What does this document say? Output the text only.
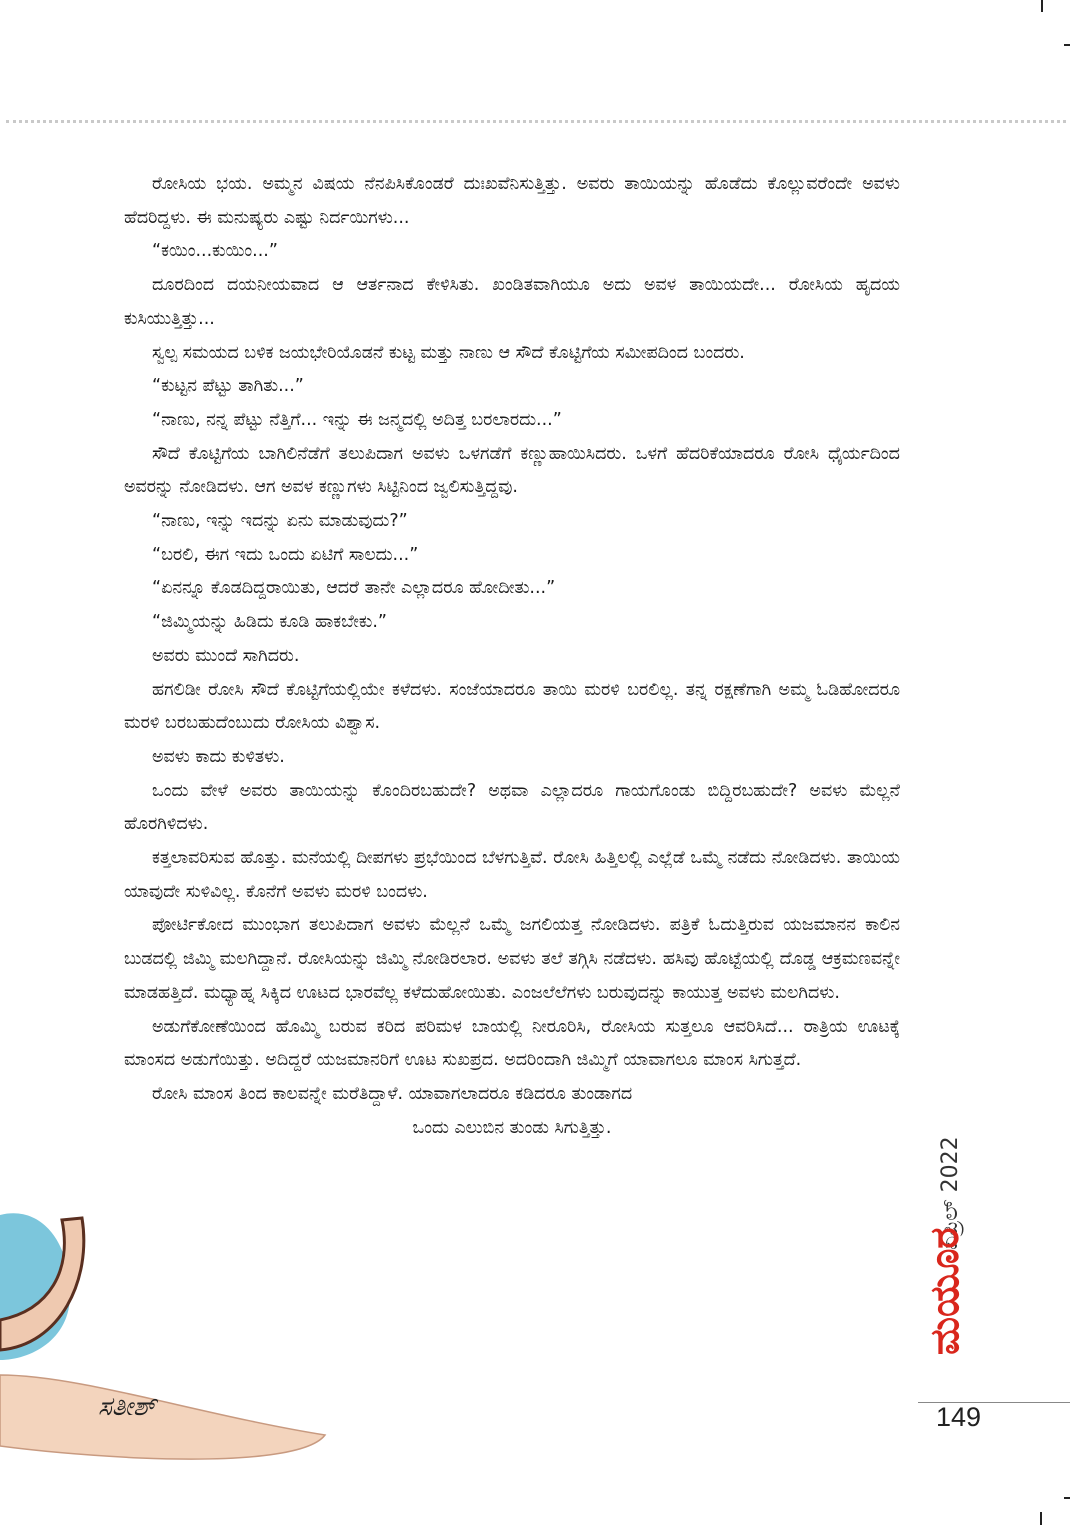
ರೋಸಿಯ ಭಯ. ಅಮ್ಮನ ವಿಷಯ ನೆನಪಿಸಿಕೊಂಡರೆ ದುಃಖವೆನಿಸುತ್ತಿತ್ತು. ಅವರು ತಾಯಿಯನ್ನು ಹೊಡೆದು ಕೊಲ್ಲುವರೆಂದೇ ಅವಳು ಹೆದರಿದ್ದಳು. ಈ ಮನುಷ್ಯರು ಎಷ್ಟು ನಿರ್ದಯಿಗಳು...

“ಕಯಿಂ...ಕುಯಿಂ...”

ದೂರದಿಂದ ದಯನೀಯವಾದ ಆ ಆರ್ತನಾದ ಕೇಳಿಸಿತು. ಖಂಡಿತವಾಗಿಯೂ ಅದು ಅವಳ ತಾಯಿಯದೇ... ರೋಸಿಯ ಹೃದಯ ಕುಸಿಯುತ್ತಿತ್ತು...

ಸ್ವಲ್ಪ ಸಮಯದ ಬಳಿಕ ಜಯಭೇರಿಯೊಡನೆ ಕುಟ್ಟ ಮತ್ತು ನಾಣು ಆ ಸೌದೆ ಕೊಟ್ಟಿಗೆಯ ಸಮೀಪದಿಂದ ಬಂದರು.

“ಕುಟ್ಟನ ಪೆಟ್ಟು ತಾಗಿತು...”

“ನಾಣು, ನನ್ನ ಪೆಟ್ಟು ನೆತ್ತಿಗೆ... ಇನ್ನು ಈ ಜನ್ಮದಲ್ಲಿ ಅದಿತ್ತ ಬರಲಾರದು...”

ಸೌದೆ ಕೊಟ್ಟಿಗೆಯ ಬಾಗಿಲಿನೆಡೆಗೆ ತಲುಪಿದಾಗ ಅವಳು ಒಳಗಡೆಗೆ ಕಣ್ಣುಹಾಯಿಸಿದರು. ಒಳಗೆ ಹೆದರಿಕೆಯಾದರೂ ರೋಸಿ ಧೈರ್ಯದಿಂದ ಅವರನ್ನು ನೋಡಿದಳು. ಆಗ ಅವಳ ಕಣ್ಣುಗಳು ಸಿಟ್ಟಿನಿಂದ ಜ್ವಲಿಸುತ್ತಿದ್ದವು.

“ನಾಣು, ಇನ್ನು ಇದನ್ನು ಏನು ಮಾಡುವುದು?”

“ಬರಲಿ, ಈಗ ಇದು ಒಂದು ಏಟಿಗೆ ಸಾಲದು...”

“ಏನನ್ನೂ ಕೊಡದಿದ್ದರಾಯಿತು, ಆದರೆ ತಾನೇ ಎಲ್ಲಾದರೂ ಹೋದೀತು...”

“ಜಿಮ್ಮಿಯನ್ನು ಹಿಡಿದು ಕೂಡಿ ಹಾಕಬೇಕು.”

ಅವರು ಮುಂದೆ ಸಾಗಿದರು.

ಹಗಲಿಡೀ ರೋಸಿ ಸೌದೆ ಕೊಟ್ಟಿಗೆಯಲ್ಲಿಯೇ ಕಳೆದಳು. ಸಂಜೆಯಾದರೂ ತಾಯಿ ಮರಳಿ ಬರಲಿಲ್ಲ. ತನ್ನ ರಕ್ಷಣೆಗಾಗಿ ಅಮ್ಮ ಓಡಿಹೋದರೂ ಮರಳಿ ಬರಬಹುದೆಂಬುದು ರೋಸಿಯ ವಿಶ್ವಾಸ.

ಅವಳು ಕಾದು ಕುಳಿತಳು.

ಒಂದು ವೇಳೆ ಅವರು ತಾಯಿಯನ್ನು ಕೊಂದಿರಬಹುದೇ? ಅಥವಾ ಎಲ್ಲಾದರೂ ಗಾಯಗೊಂಡು ಬಿದ್ದಿರಬಹುದೇ? ಅವಳು ಮೆಲ್ಲನೆ ಹೊರಗಿಳಿದಳು.

ಕತ್ತಲಾವರಿಸುವ ಹೊತ್ತು. ಮನೆಯಲ್ಲಿ ದೀಪಗಳು ಪ್ರಭೆಯಿಂದ ಬೆಳಗುತ್ತಿವೆ. ರೋಸಿ ಹಿತ್ತಿಲಲ್ಲಿ ಎಲ್ಲೆಡೆ ಒಮ್ಮೆ ನಡೆದು ನೋಡಿದಳು. ತಾಯಿಯ ಯಾವುದೇ ಸುಳಿವಿಲ್ಲ. ಕೊನೆಗೆ ಅವಳು ಮರಳಿ ಬಂದಳು.

ಪೋರ್ಟಿಕೋದ ಮುಂಭಾಗ ತಲುಪಿದಾಗ ಅವಳು ಮೆಲ್ಲನೆ ಒಮ್ಮೆ ಜಗಲಿಯತ್ತ ನೋಡಿದಳು. ಪತ್ರಿಕೆ ಓದುತ್ತಿರುವ ಯಜಮಾನನ ಕಾಲಿನ ಬುಡದಲ್ಲಿ ಜಿಮ್ಮಿ ಮಲಗಿದ್ದಾನೆ. ರೋಸಿಯನ್ನು ಜಿಮ್ಮಿ ನೋಡಿರಲಾರ. ಅವಳು ತಲೆ ತಗ್ಗಿಸಿ ನಡೆದಳು. ಹಸಿವು ಹೊಟ್ಟೆಯಲ್ಲಿ ದೊಡ್ಡ ಆಕ್ರಮಣವನ್ನೇ ಮಾಡಹತ್ತಿದೆ. ಮಧ್ಯಾಹ್ನ ಸಿಕ್ಕಿದ ಊಟದ ಭಾರವೆಲ್ಲ ಕಳೆದುಹೋಯಿತು. ಎಂಜಲೆಲೆಗಳು ಬರುವುದನ್ನು ಕಾಯುತ್ತ ಅವಳು ಮಲಗಿದಳು.

ಅಡುಗೆಕೋಣೆಯಿಂದ ಹೊಮ್ಮಿ ಬರುವ ಕರಿದ ಪರಿಮಳ ಬಾಯಲ್ಲಿ ನೀರೂರಿಸಿ, ರೋಸಿಯ ಸುತ್ತಲೂ ಆವರಿಸಿದೆ... ರಾತ್ರಿಯ ಊಟಕ್ಕೆ ಮಾಂಸದ ಅಡುಗೆಯಿತ್ತು. ಅದಿದ್ದರೆ ಯಜಮಾನರಿಗೆ ಊಟ ಸುಖಪ್ರದ. ಅದರಿಂದಾಗಿ ಜಿಮ್ಮಿಗೆ ಯಾವಾಗಲೂ ಮಾಂಸ ಸಿಗುತ್ತದೆ.

ರೋಸಿ ಮಾಂಸ ತಿಂದ ಕಾಲವನ್ನೇ ಮರೆತಿದ್ದಾಳೆ. ಯಾವಾಗಲಾದರೂ ಕಡಿದರೂ ತುಂಡಾಗದ

ಒಂದು ಎಲುಬಿನ ತುಂಡು ಸಿಗುತ್ತಿತ್ತು.

ಏಪ್ರಿಲ್ 2022
ಮಯೂರ
149
ಸತೀಶ್
